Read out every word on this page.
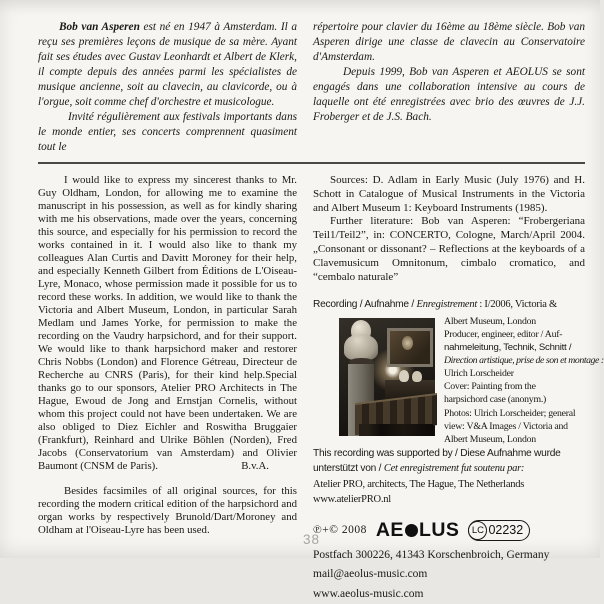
Bob van Asperen est né en 1947 à Amsterdam. Il a reçu ses premières leçons de musique de sa mère. Ayant fait ses études avec Gustav Leonhardt et Albert de Klerk, il compte depuis des années parmi les spécialistes de musique ancienne, soit au clavecin, au clavicorde, ou à l'orgue, soit comme chef d'orchestre et musicologue.

Invité régulièrement aux festivals importants dans le monde entier, ses concerts comprennent quasiment tout le

répertoire pour clavier du 16ème au 18ème siècle. Bob van Asperen dirige une classe de clavecin au Conservatoire d'Amsterdam.

Depuis 1999, Bob van Asperen et AEOLUS se sont engagés dans une collaboration intensive au cours de laquelle ont été enregistrées avec brio des œuvres de J.J. Froberger et de J.S. Bach.

I would like to express my sincerest thanks to Mr. Guy Oldham, London, for allowing me to examine the manuscript in his possession, as well as for kindly sharing with me his observations, made over the years, concerning this source, and especially for his permission to record the works contained in it. I would also like to thank my colleagues Alan Curtis and Davitt Moroney for their help, and especially Kenneth Gilbert from Éditions de L'Oiseau-Lyre, Monaco, whose permission made it possible for us to record these works. In addition, we would like to thank the Victoria and Albert Museum, London, in particular Sarah Medlam und James Yorke, for permission to make the recording on the Vaudry harpsichord, and for their support. We would like to thank harpsichord maker and restorer Chris Nobbs (London) and Florence Gétreau, Directeur de Recherche au CNRS (Paris), for their kind help.Special thanks go to our sponsors, Atelier PRO Architects in The Hague, Ewoud de Jong and Ernstjan Cornelis, without whom this project could not have been undertaken. We are also obliged to Diez Eichler and Roswitha Bruggaier (Frankfurt), Reinhard and Ulrike Böhlen (Norden), Fred Jacobs (Conservatorium van Amsterdam) and Olivier Baumont (CNSM de Paris).	B.v.A.

Besides facsimiles of all original sources, for this recording the modern critical edition of the harpsichord and organ works by respectively Brunold/Dart/Moroney and Oldham at l'Oiseau-Lyre has been used.

Sources: D. Adlam in Early Music (July 1976) and H. Schott in Catalogue of Musical Instruments in the Victoria and Albert Museum 1: Keyboard Instruments (1985).

Further literature: Bob van Asperen: “Frobergeriana Teil1/Teil2”, in: CONCERTO, Cologne, March/April 2004. „Consonant or dissonant? – Reflections at the keyboards of a Clavemusicum Omnitonum, cimbalo cromatico, and “cembalo naturale”

Recording / Aufnahme / Enregistrement : I/2006, Victoria &
Albert Museum, London
Producer, engineer, editor / Auf-
nahmeleitung, Technik, Schnitt /
Direction artistique, prise de son et montage :
Ulrich Lorscheider
Cover: Painting from the
harpsichord case (anonym.)
Photos: Ulrich Lorscheider; general
view: V&A Images / Victoria and
Albert Museum, London
This recording was supported by / Diese Aufnahme wurde
unterstützt von / Cet enregistrement fut soutenu par:
Atelier PRO, architects, The Hague, The Netherlands
www.atelierPRO.nl
℗+© 2008 AE LUS	LC 02232
Postfach 300226, 41343 Korschenbroich, Germany
mail@aeolus-music.com
www.aeolus-music.com
38
